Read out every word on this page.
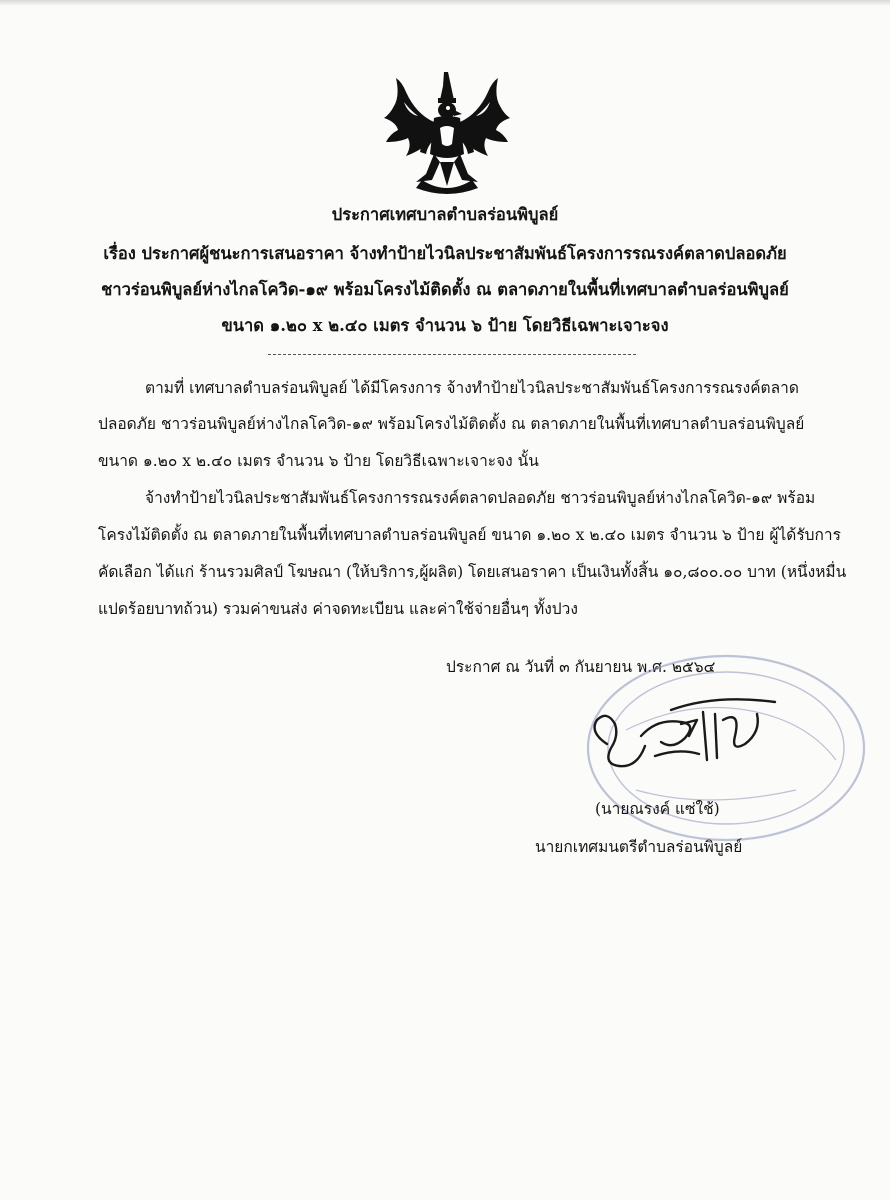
ประกาศเทศบาลตำบลร่อนพิบูลย์
เรื่อง ประกาศผู้ชนะการเสนอราคา จ้างทำป้ายไวนิลประชาสัมพันธ์โครงการรณรงค์ตลาดปลอดภัย
ชาวร่อนพิบูลย์ห่างไกลโควิด-๑๙ พร้อมโครงไม้ติดตั้ง ณ ตลาดภายในพื้นที่เทศบาลตำบลร่อนพิบูลย์
ขนาด ๑.๒๐ x ๒.๔๐ เมตร จำนวน ๖ ป้าย โดยวิธีเฉพาะเจาะจง
ตามที่ เทศบาลตำบลร่อนพิบูลย์ ได้มีโครงการ จ้างทำป้ายไวนิลประชาสัมพันธ์โครงการรณรงค์ตลาด
ปลอดภัย ชาวร่อนพิบูลย์ห่างไกลโควิด-๑๙ พร้อมโครงไม้ติดตั้ง ณ ตลาดภายในพื้นที่เทศบาลตำบลร่อนพิบูลย์
ขนาด ๑.๒๐ x ๒.๔๐ เมตร จำนวน ๖ ป้าย โดยวิธีเฉพาะเจาะจง นั้น
จ้างทำป้ายไวนิลประชาสัมพันธ์โครงการรณรงค์ตลาดปลอดภัย ชาวร่อนพิบูลย์ห่างไกลโควิด-๑๙ พร้อม
โครงไม้ติดตั้ง ณ ตลาดภายในพื้นที่เทศบาลตำบลร่อนพิบูลย์ ขนาด ๑.๒๐ x ๒.๔๐ เมตร จำนวน ๖ ป้าย ผู้ได้รับการ
คัดเลือก ได้แก่ ร้านรวมศิลป์ โฆษณา (ให้บริการ,ผู้ผลิต) โดยเสนอราคา เป็นเงินทั้งสิ้น ๑๐,๘๐๐.๐๐ บาท (หนึ่งหมื่น
แปดร้อยบาทถ้วน) รวมค่าขนส่ง ค่าจดทะเบียน และค่าใช้จ่ายอื่นๆ ทั้งปวง
ประกาศ ณ วันที่ ๓ กันยายน พ.ศ. ๒๕๖๔
(นายณรงค์ แซ่ใช้)
นายกเทศมนตรีตำบลร่อนพิบูลย์
